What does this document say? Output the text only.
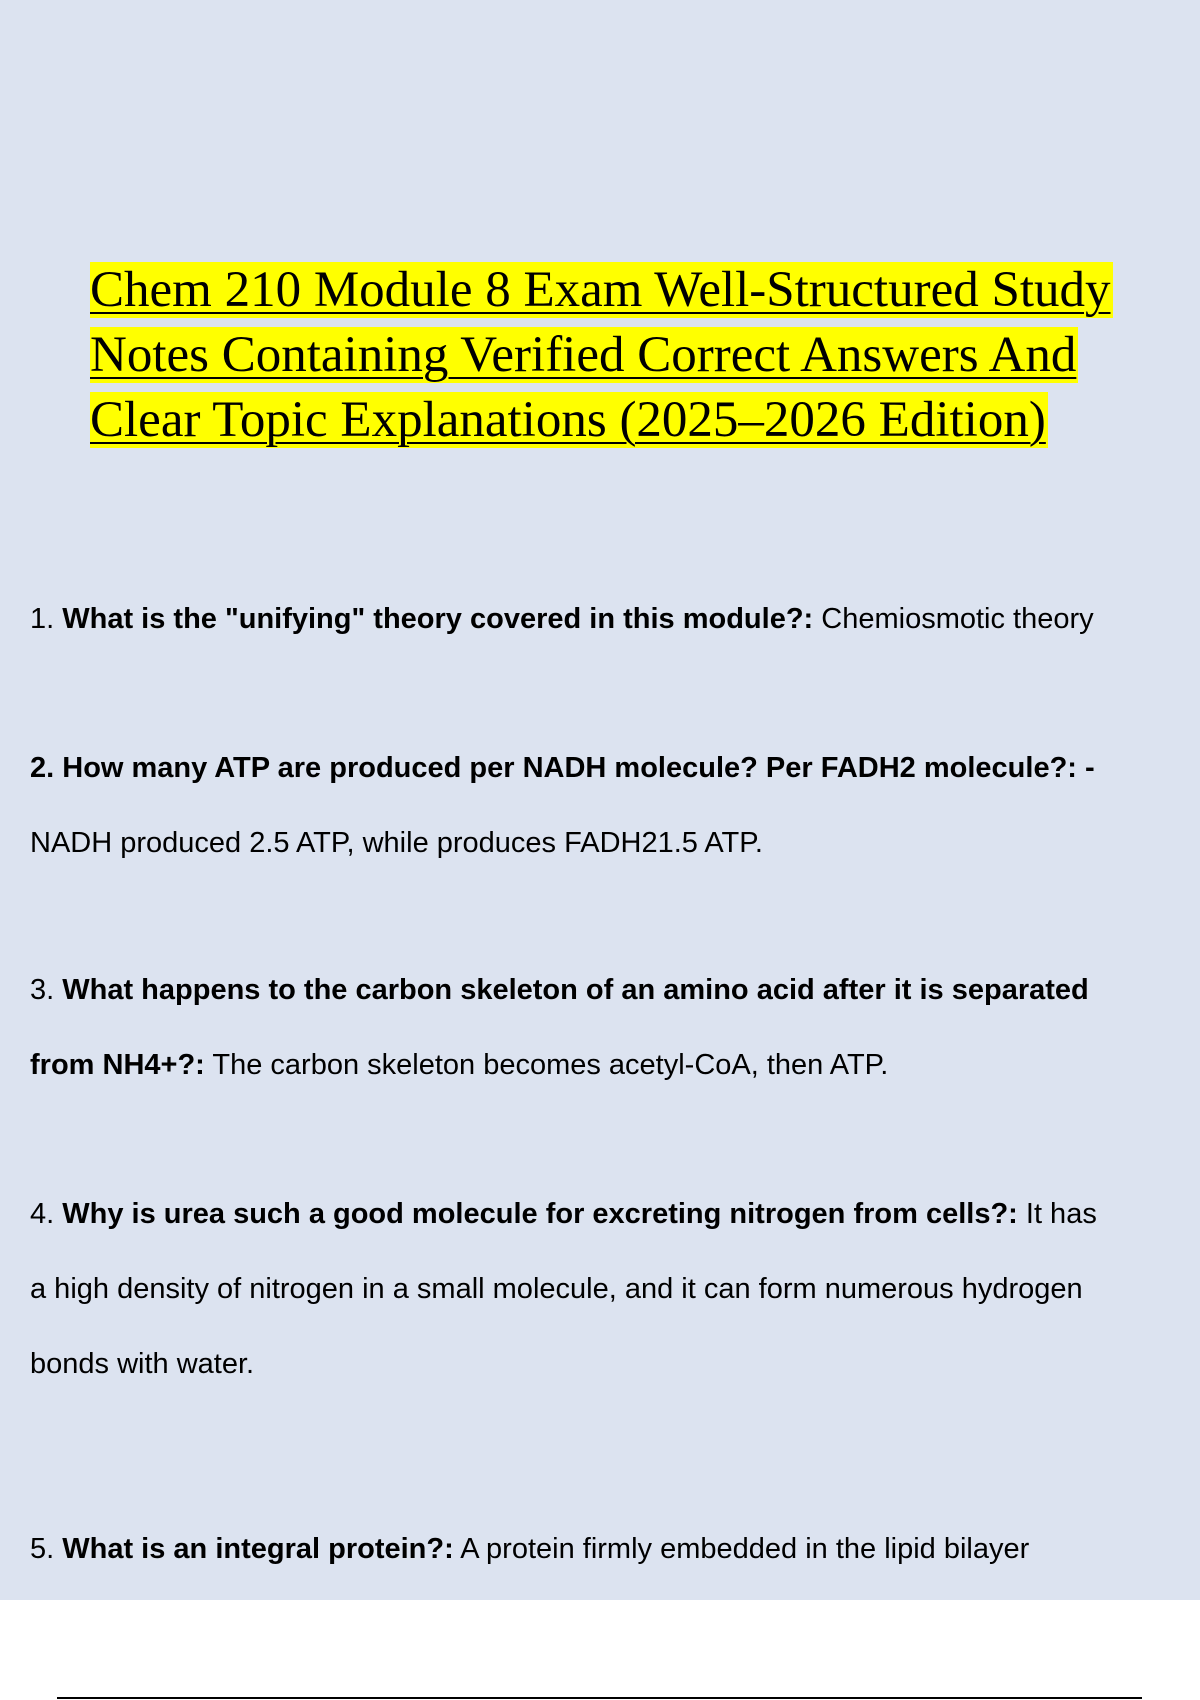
Chem 210 Module 8 Exam Well-Structured Study
Notes Containing Verified Correct Answers And
Clear Topic Explanations (2025–2026 Edition)
1. What is the "unifying" theory covered in this module?: Chemiosmotic theory
2. How many ATP are produced per NADH molecule? Per FADH2 molecule?: -
NADH produced 2.5 ATP, while produces FADH21.5 ATP.
3. What happens to the carbon skeleton of an amino acid after it is separated
from NH4+?: The carbon skeleton becomes acetyl-CoA, then ATP.
4. Why is urea such a good molecule for excreting nitrogen from cells?: It has
a high density of nitrogen in a small molecule, and it can form numerous hydrogen
bonds with water.
5. What is an integral protein?: A protein firmly embedded in the lipid bilayer
